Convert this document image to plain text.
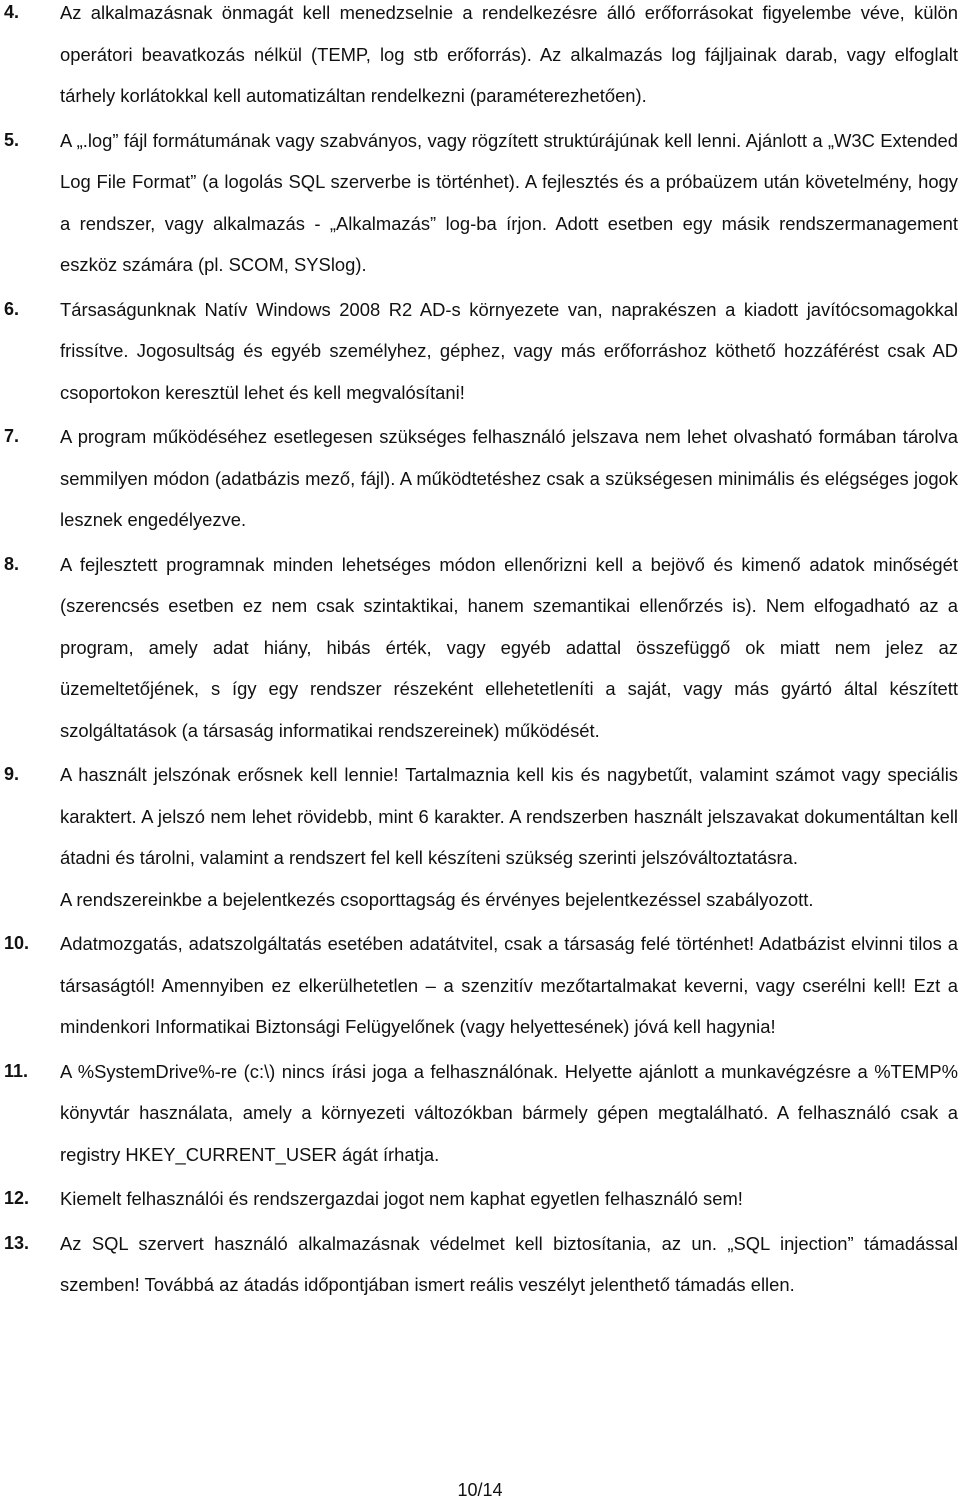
4. Az alkalmazásnak önmagát kell menedzselnie a rendelkezésre álló erőforrásokat figyelembe véve, külön operátori beavatkozás nélkül (TEMP, log stb erőforrás). Az alkalmazás log fájljainak darab, vagy elfoglalt tárhely korlátokkal kell automatizáltan rendelkezni (paraméterezhetően).

5. A „.log” fájl formátumának vagy szabványos, vagy rögzített struktúrájúnak kell lenni. Ajánlott a „W3C Extended Log File Format” (a logolás SQL szerverbe is történhet). A fejlesztés és a próbaüzem után követelmény, hogy a rendszer, vagy alkalmazás - „Alkalmazás” log-ba írjon. Adott esetben egy másik rendszermanagement eszköz számára (pl. SCOM, SYSlog).

6. Társaságunknak Natív Windows 2008 R2 AD-s környezete van, naprakészen a kiadott javítócsomagokkal frissítve. Jogosultság és egyéb személyhez, géphez, vagy más erőforráshoz köthető hozzáférést csak AD csoportokon keresztül lehet és kell megvalósítani!

7. A program működéséhez esetlegesen szükséges felhasználó jelszava nem lehet olvasható formában tárolva semmilyen módon (adatbázis mező, fájl). A működtetéshez csak a szükségesen minimális és elégséges jogok lesznek engedélyezve.

8. A fejlesztett programnak minden lehetséges módon ellenőrizni kell a bejövő és kimenő adatok minőségét (szerencsés esetben ez nem csak szintaktikai, hanem szemantikai ellenőrzés is). Nem elfogadható az a program, amely adat hiány, hibás érték, vagy egyéb adattal összefüggő ok miatt nem jelez az üzemeltetőjének, s így egy rendszer részeként ellehetetleníti a saját, vagy más gyártó által készített szolgáltatások (a társaság informatikai rendszereinek) működését.

9. A használt jelszónak erősnek kell lennie! Tartalmaznia kell kis és nagybetűt, valamint számot vagy speciális karaktert. A jelszó nem lehet rövidebb, mint 6 karakter. A rendszerben használt jelszavakat dokumentáltan kell átadni és tárolni, valamint a rendszert fel kell készíteni szükség szerinti jelszóváltoztatásra.

A rendszereinkbe a bejelentkezés csoporttagság és érvényes bejelentkezéssel szabályozott.

10. Adatmozgatás, adatszolgáltatás esetében adatátvitel, csak a társaság felé történhet! Adatbázist elvinni tilos a társaságtól! Amennyiben ez elkerülhetetlen – a szenzitív mezőtartalmakat keverni, vagy cserélni kell! Ezt a mindenkori Informatikai Biztonsági Felügyelőnek (vagy helyettesének) jóvá kell hagynia!

11. A %SystemDrive%-re (c:\) nincs írási joga a felhasználónak. Helyette ajánlott a munkavégzésre a %TEMP% könyvtár használata, amely a környezeti változókban bármely gépen megtalálható. A felhasználó csak a registry HKEY_CURRENT_USER ágát írhatja.

12. Kiemelt felhasználói és rendszergazdai jogot nem kaphat egyetlen felhasználó sem!

13. Az SQL szervert használó alkalmazásnak védelmet kell biztosítania, az un. „SQL injection” támadással szemben! Továbbá az átadás időpontjában ismert reális veszélyt jelenthető támadás ellen.

10/14
